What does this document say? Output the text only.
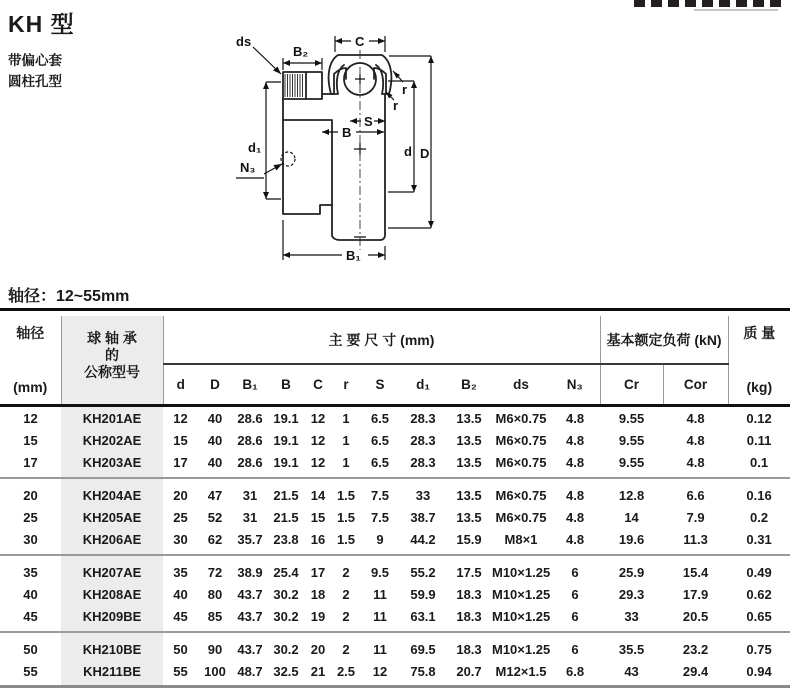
KH 型
带偏心套
圆柱孔型
ds
B₂
C
d₁
N₃
d D
B₁
B
S
r
r
轴径：12~55mm
轴径
(mm)	球 轴 承
的
公称型号	主 要 尺 寸 (mm)											基本额定负荷 (kN)		质 量
(kg)

		d	D	B₁	B	C	r	S	d₁	B₂	ds	N₃	Cr	Cor	
12	KH201AE	12	40	28.6	19.1	12	1	6.5	28.3	13.5	M6×0.75	4.8	9.55	4.8	0.12
15	KH202AE	15	40	28.6	19.1	12	1	6.5	28.3	13.5	M6×0.75	4.8	9.55	4.8	0.11
17	KH203AE	17	40	28.6	19.1	12	1	6.5	28.3	13.5	M6×0.75	4.8	9.55	4.8	0.1

20	KH204AE	20	47	31	21.5	14	1.5	7.5	33	13.5	M6×0.75	4.8	12.8	6.6	0.16
25	KH205AE	25	52	31	21.5	15	1.5	7.5	38.7	13.5	M6×0.75	4.8	14	7.9	0.2
30	KH206AE	30	62	35.7	23.8	16	1.5	9	44.2	15.9	M8×1	4.8	19.6	11.3	0.31

35	KH207AE	35	72	38.9	25.4	17	2	9.5	55.2	17.5	M10×1.25	6	25.9	15.4	0.49
40	KH208AE	40	80	43.7	30.2	18	2	11	59.9	18.3	M10×1.25	6	29.3	17.9	0.62
45	KH209BE	45	85	43.7	30.2	19	2	11	63.1	18.3	M10×1.25	6	33	20.5	0.65

50	KH210BE	50	90	43.7	30.2	20	2	11	69.5	18.3	M10×1.25	6	35.5	23.2	0.75
55	KH211BE	55	100	48.7	32.5	21	2.5	12	75.8	20.7	M12×1.5	6.8	43	29.4	0.94
